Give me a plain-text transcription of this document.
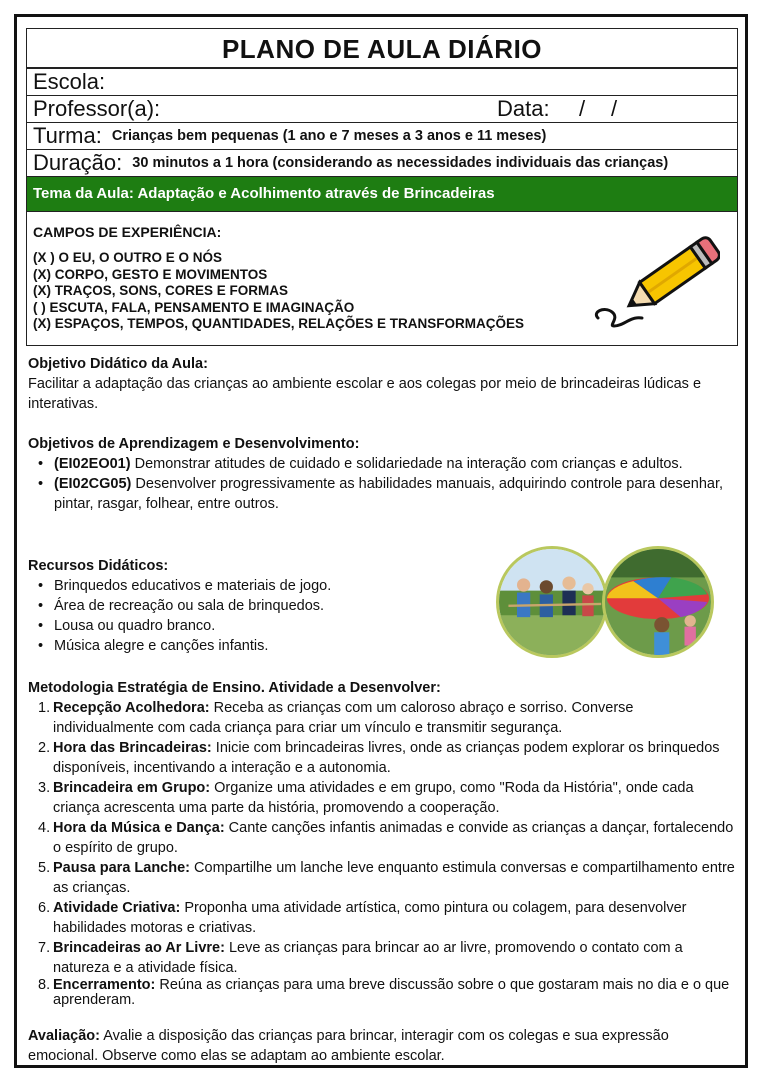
PLANO DE AULA DIÁRIO
Escola:
Professor(a):	Data: / /
Turma: Crianças bem pequenas (1 ano e 7 meses a 3 anos e 11 meses)
Duração: 30 minutos a 1 hora (considerando as necessidades individuais das crianças)
Tema da Aula: Adaptação e Acolhimento através de Brincadeiras
CAMPOS DE EXPERIÊNCIA:
(X ) O EU, O OUTRO E O NÓS
(X) CORPO, GESTO E MOVIMENTOS
(X) TRAÇOS, SONS, CORES E FORMAS
( ) ESCUTA, FALA, PENSAMENTO E IMAGINAÇÃO
(X) ESPAÇOS, TEMPOS, QUANTIDADES, RELAÇÕES E TRANSFORMAÇÕES
Objetivo Didático da Aula:
Facilitar a adaptação das crianças ao ambiente escolar e aos colegas por meio de brincadeiras lúdicas e interativas.
Objetivos de Aprendizagem e Desenvolvimento:
• (EI02EO01) Demonstrar atitudes de cuidado e solidariedade na interação com crianças e adultos.
• (EI02CG05) Desenvolver progressivamente as habilidades manuais, adquirindo controle para desenhar, pintar, rasgar, folhear, entre outros.
Recursos Didáticos:
• Brinquedos educativos e materiais de jogo.
• Área de recreação ou sala de brinquedos.
• Lousa ou quadro branco.
• Música alegre e canções infantis.
Metodologia Estratégia de Ensino. Atividade a Desenvolver:
1. Recepção Acolhedora: Receba as crianças com um caloroso abraço e sorriso. Converse individualmente com cada criança para criar um vínculo e transmitir segurança.
2. Hora das Brincadeiras: Inicie com brincadeiras livres, onde as crianças podem explorar os brinquedos disponíveis, incentivando a interação e a autonomia.
3. Brincadeira em Grupo: Organize uma atividades e em grupo, como "Roda da História", onde cada criança acrescenta uma parte da história, promovendo a cooperação.
4. Hora da Música e Dança: Cante canções infantis animadas e convide as crianças a dançar, fortalecendo o espírito de grupo.
5. Pausa para Lanche: Compartilhe um lanche leve enquanto estimula conversas e compartilhamento entre as crianças.
6. Atividade Criativa: Proponha uma atividade artística, como pintura ou colagem, para desenvolver habilidades motoras e criativas.
7. Brincadeiras ao Ar Livre: Leve as crianças para brincar ao ar livre, promovendo o contato com a natureza e a atividade física.
8. Encerramento: Reúna as crianças para uma breve discussão sobre o que gostaram mais no dia e o que aprenderam.
Avaliação: Avalie a disposição das crianças para brincar, interagir com os colegas e sua expressão emocional. Observe como elas se adaptam ao ambiente escolar.
